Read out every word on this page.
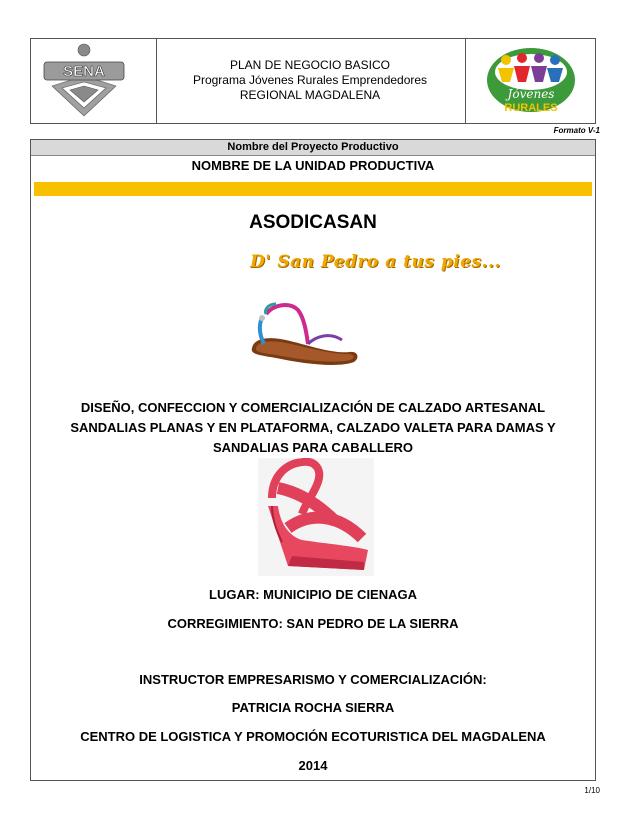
SENA	PLAN DE NEGOCIO BASICO
Programa Jóvenes Rurales Emprendedores
REGIONAL MAGDALENA	Jóvenes
RURALES
Formato V-1
Nombre del Proyecto Productivo
NOMBRE DE LA UNIDAD PRODUCTIVA
ASODICASAN
D' San Pedro a tus pies...
DISEÑO, CONFECCION Y COMERCIALIZACIÓN DE CALZADO ARTESANAL
SANDALIAS PLANAS Y EN PLATAFORMA, CALZADO VALETA PARA DAMAS Y
SANDALIAS PARA CABALLERO
LUGAR: MUNICIPIO DE CIENAGA
CORREGIMIENTO: SAN PEDRO DE LA SIERRA
INSTRUCTOR EMPRESARISMO Y COMERCIALIZACIÓN:
PATRICIA ROCHA SIERRA
CENTRO DE LOGISTICA Y PROMOCIÓN ECOTURISTICA DEL MAGDALENA
2014
1/10
